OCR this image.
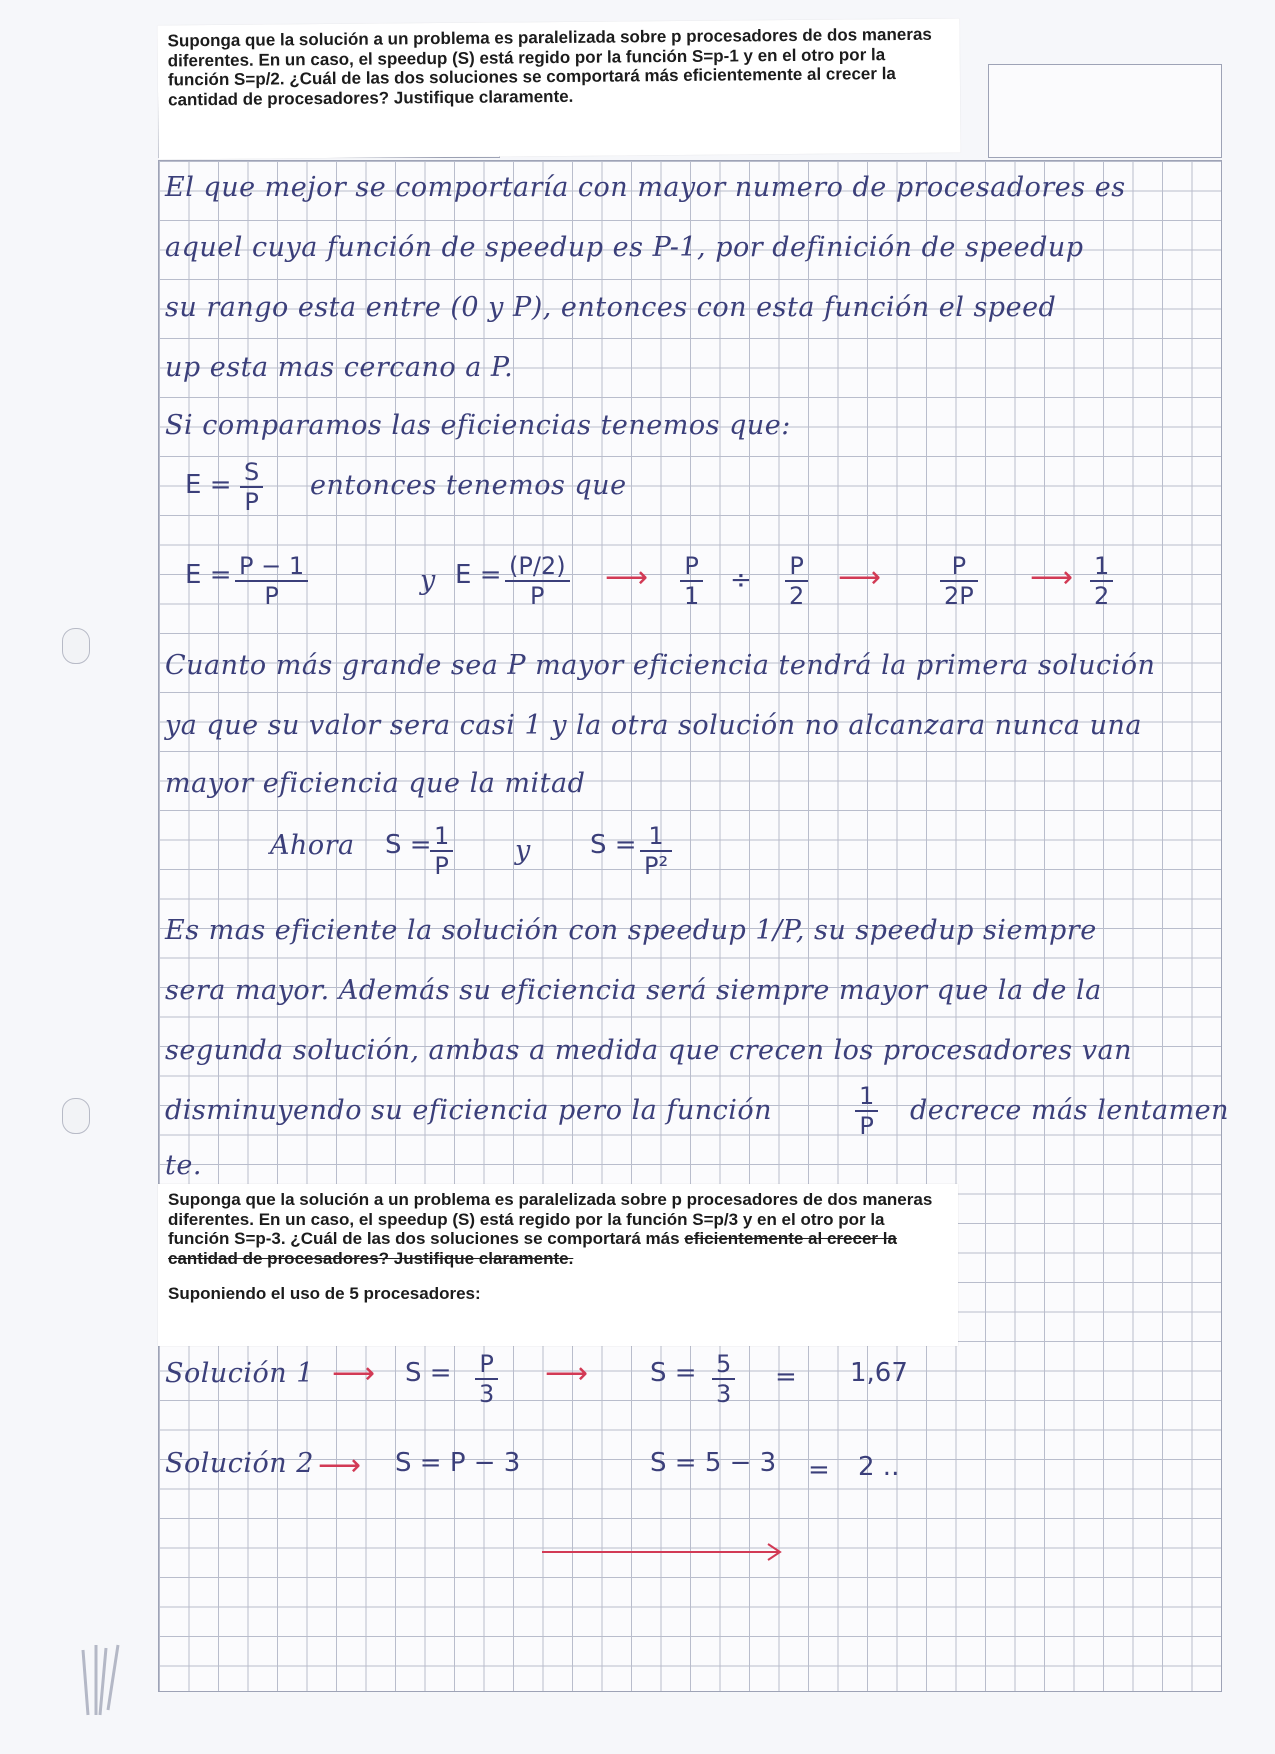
Suponga que la solución a un problema es paralelizada sobre p procesadores de dos maneras diferentes. En un caso, el speedup (S) está regido por la función S=p-1 y en el otro por la función S=p/2. ¿Cuál de las dos soluciones se comportará más eficientemente al crecer la cantidad de procesadores? Justifique claramente.
El que mejor se comportaría con mayor numero de procesadores es
aquel cuya función de speedup es P-1, por definición de speedup
su rango esta entre (0 y P), entonces con esta función el speed
up esta mas cercano a P.
Si comparamos las eficiencias tenemos que:
$E = \frac{S}{P}$ entonces tenemos que
$E = \frac{P - 1}{P}$	y $E = \frac{(P/2)}{P}$ ⟶ $\frac{P}{1} \div \frac{P}{2}$ ⟶ $\frac{P}{2P}$ ⟶ $\frac{1}{2}$
Cuanto más grande sea P mayor eficiencia tendrá la primera solución
ya que su valor sera casi 1 y la otra solución no alcanzara nunca una
mayor eficiencia que la mitad
Ahora S =
$\frac{1}{P}$ y $S = \frac{1}{\text{P²}}$
Es mas eficiente la solución con speedup 1/P, su speedup siempre
sera mayor. Además su eficiencia será siempre mayor que la de la
segunda solución, ambas a medida que crecen los procesadores van
disminuyendo su eficiencia pero la función	$\frac{1}{P}$ decrece más lentamen
te.
Suponga que la solución a un problema es paralelizada sobre p procesadores de dos maneras diferentes. En un caso, el speedup (S) está regido por la función S=p/3 y en el otro por la función S=p-3. ¿Cuál de las dos soluciones se comportará más eficientemente al crecer la cantidad de procesadores? Justifique claramente.
Suponiendo el uso de 5 procesadores:
Solución 1 ⟶ $S = \frac{P}{3}$ ⟶ $S = \frac{5}{3} = 1,67$
Solución 2 ⟶ S = P − 3	S = 5 − 3 = 2 ..
